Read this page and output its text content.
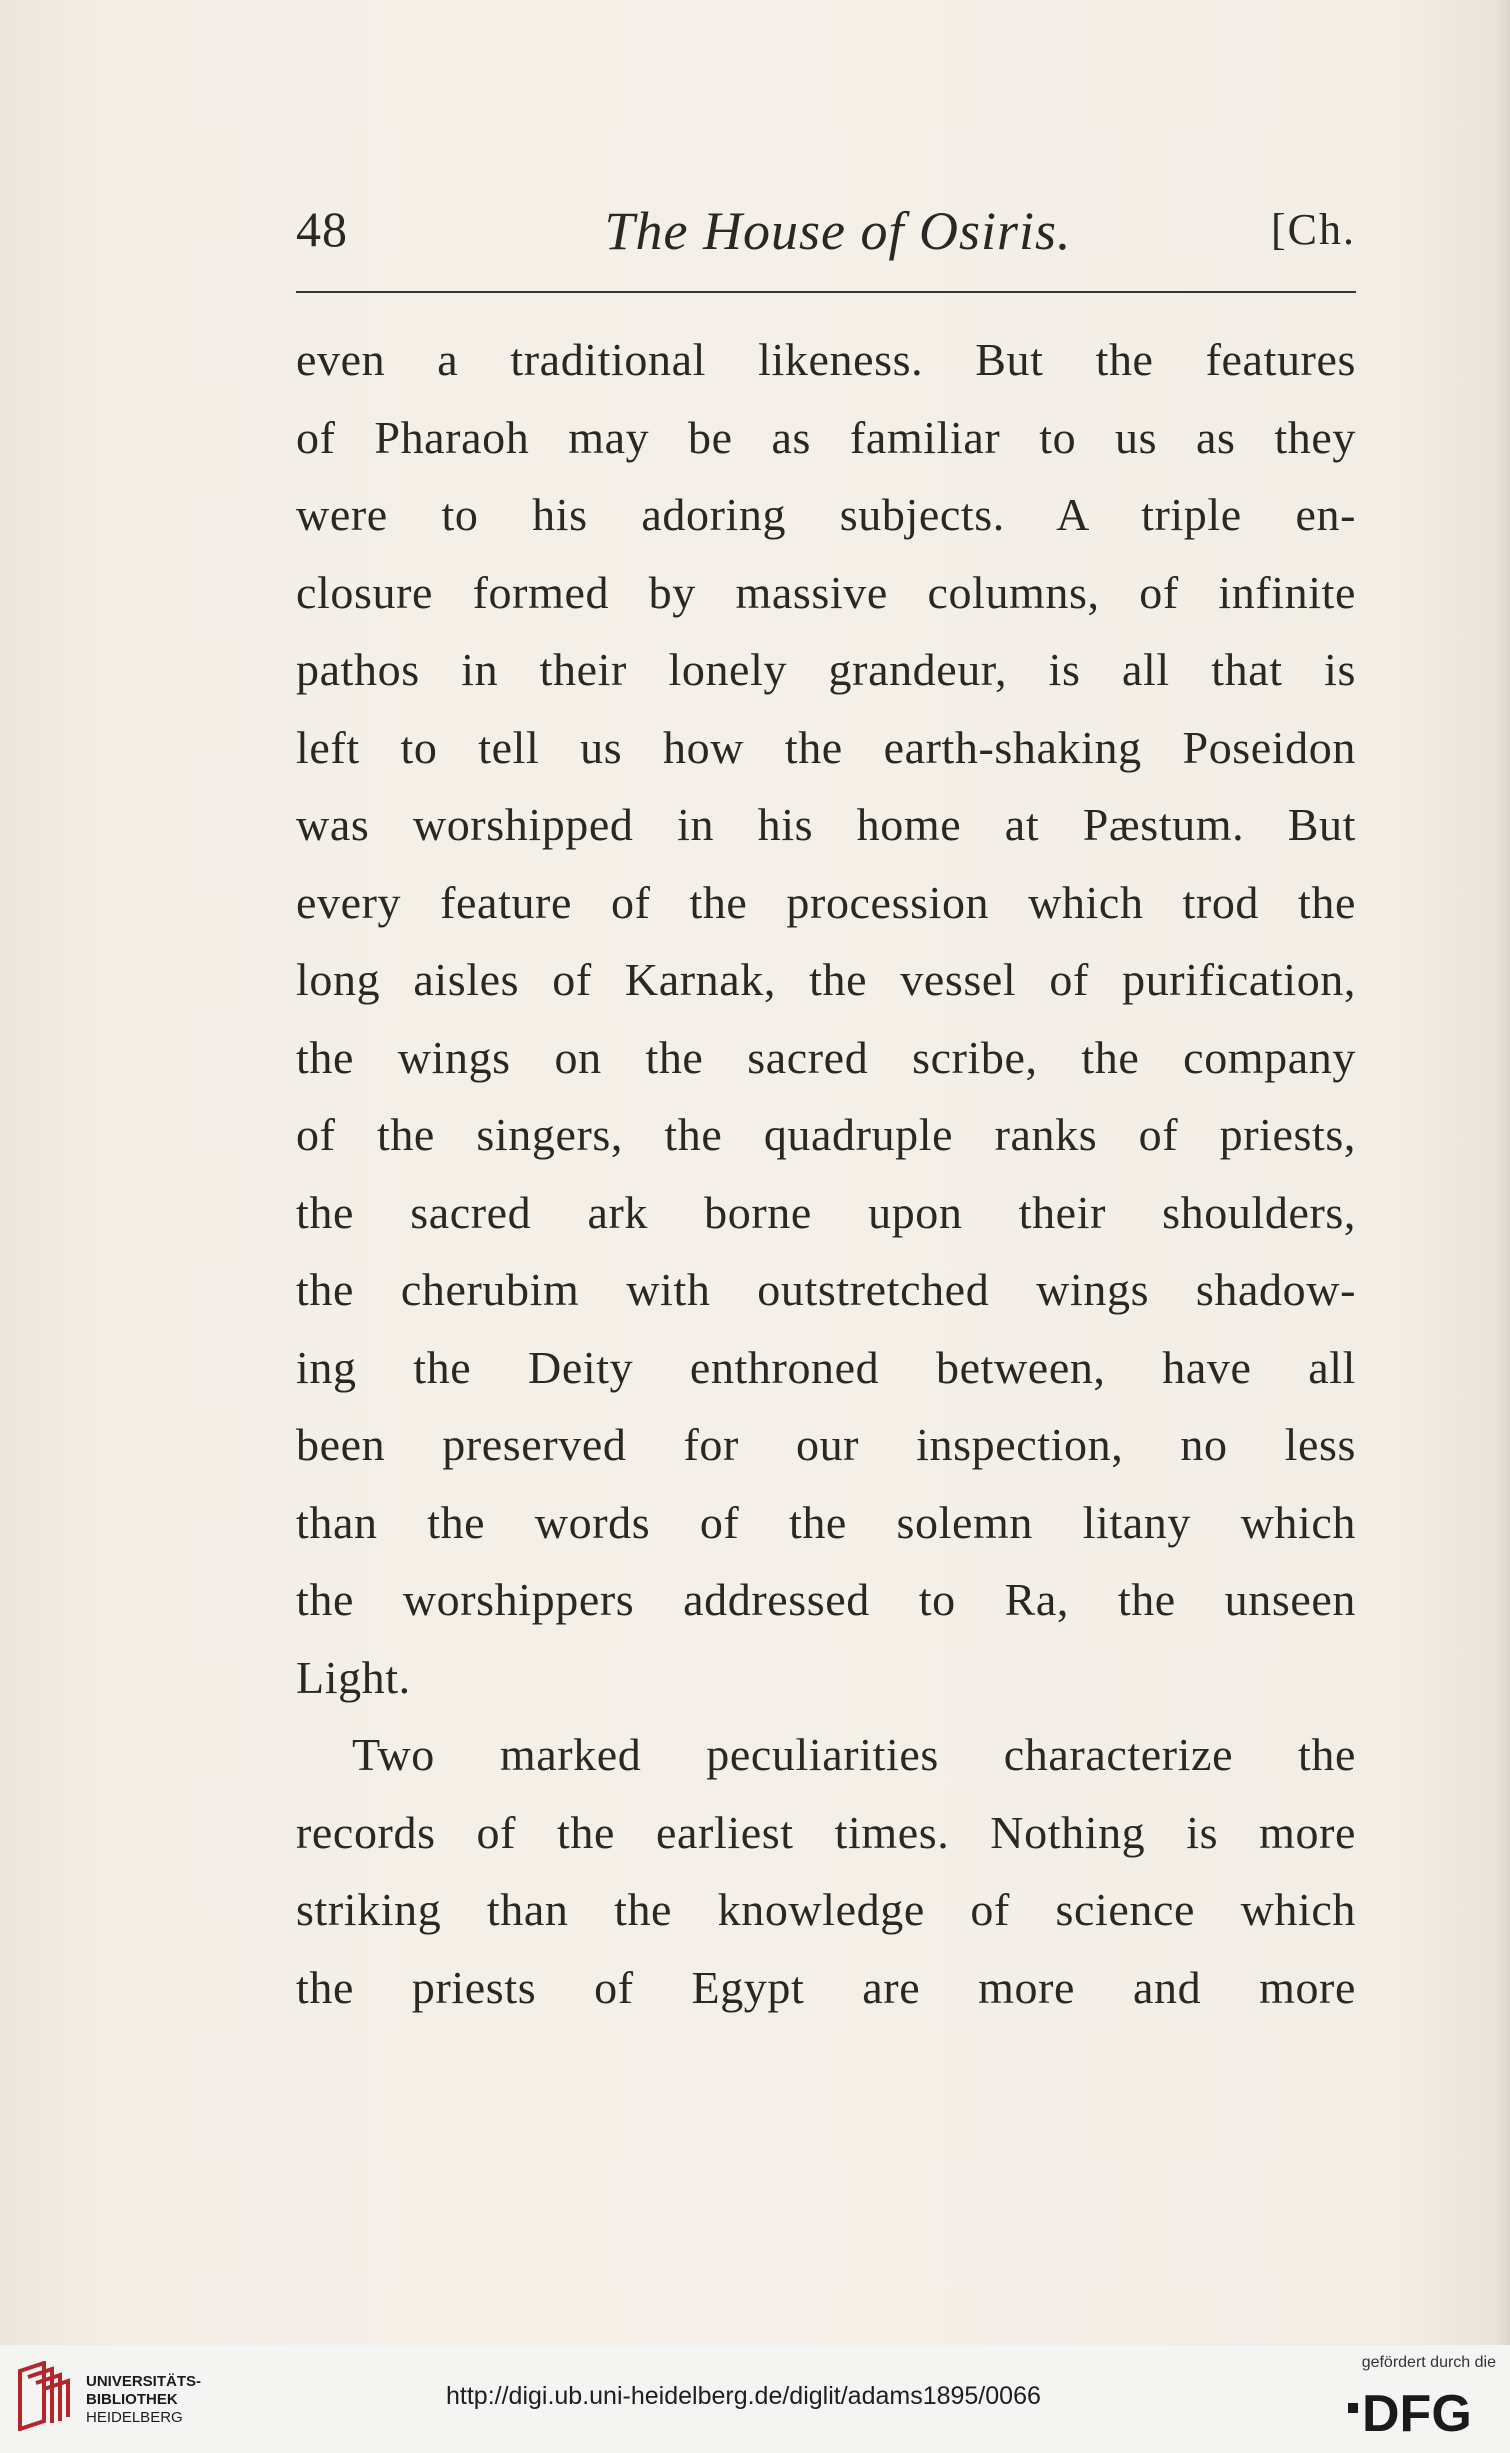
48	The House of Osiris.	[Ch.
even a traditional likeness. But the features
of Pharaoh may be as familiar to us as they
were to his adoring subjects. A triple en-
closure formed by massive columns, of infinite
pathos in their lonely grandeur, is all that is
left to tell us how the earth-shaking Poseidon
was worshipped in his home at Pæstum. But
every feature of the procession which trod the
long aisles of Karnak, the vessel of purification,
the wings on the sacred scribe, the company
of the singers, the quadruple ranks of priests,
the sacred ark borne upon their shoulders,
the cherubim with outstretched wings shadow-
ing the Deity enthroned between, have all
been preserved for our inspection, no less
than the words of the solemn litany which
the worshippers addressed to Ra, the unseen
Light.
Two marked peculiarities characterize the
records of the earliest times. Nothing is more
striking than the knowledge of science which
the priests of Egypt are more and more
UNIVERSITÄTS-
BIBLIOTHEK
HEIDELBERG
http://digi.ub.uni-heidelberg.de/diglit/adams1895/0066
gefördert durch die
DFG
